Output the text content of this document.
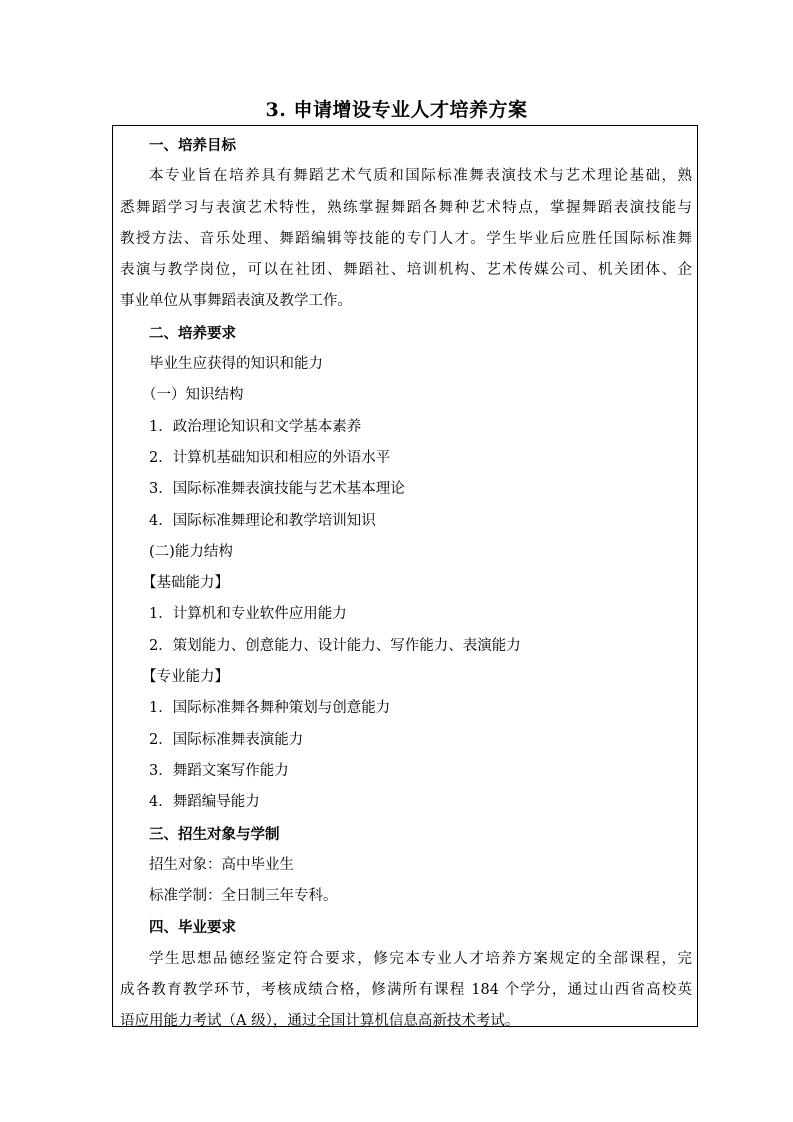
3. 申请增设专业人才培养方案
一、培养目标
本专业旨在培养具有舞蹈艺术气质和国际标准舞表演技术与艺术理论基础，熟
悉舞蹈学习与表演艺术特性，熟练掌握舞蹈各舞种艺术特点，掌握舞蹈表演技能与
教授方法、音乐处理、舞蹈编辑等技能的专门人才。学生毕业后应胜任国际标准舞
表演与教学岗位，可以在社团、舞蹈社、培训机构、艺术传媒公司、机关团体、企
事业单位从事舞蹈表演及教学工作。
二、培养要求
毕业生应获得的知识和能力
（一）知识结构
1．政治理论知识和文学基本素养
2．计算机基础知识和相应的外语水平
3．国际标准舞表演技能与艺术基本理论
4．国际标准舞理论和教学培训知识
(二)能力结构
【基础能力】
1．计算机和专业软件应用能力
2．策划能力、创意能力、设计能力、写作能力、表演能力
【专业能力】
1．国际标准舞各舞种策划与创意能力
2．国际标准舞表演能力
3．舞蹈文案写作能力
4．舞蹈编导能力
三、招生对象与学制
招生对象：高中毕业生
标准学制：全日制三年专科。
四、毕业要求
学生思想品德经鉴定符合要求，修完本专业人才培养方案规定的全部课程，完
成各教育教学环节，考核成绩合格，修满所有课程 184 个学分，通过山西省高校英
语应用能力考试（A 级），通过全国计算机信息高新技术考试。
